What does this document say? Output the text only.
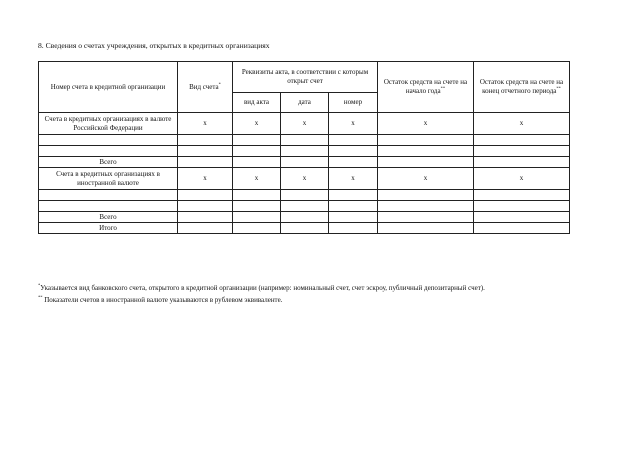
8. Сведения о счетах учреждения, открытых в кредитных организациях
Номер счета в кредитной организации	Вид счета*	Реквизиты акта, в соответствии с которым открыт счет			Остаток средств на счете на начало года**	Остаток средств на счете на конец отчетного периода**
		вид акта	дата	номер		
Счета в кредитных организациях в валюте Российской Федерации	x	x	x	x	x	x

Всего						
Счета в кредитных организациях в иностранной валюте	x	x	x	x	x	x

Всего						
Итого						

*Указывается вид банковского счета, открытого в кредитной организации (например: номинальный счет, счет эскроу, публичный депозитарный счет).

** Показатели счетов в иностранной валюте указываются в рублевом эквиваленте.
